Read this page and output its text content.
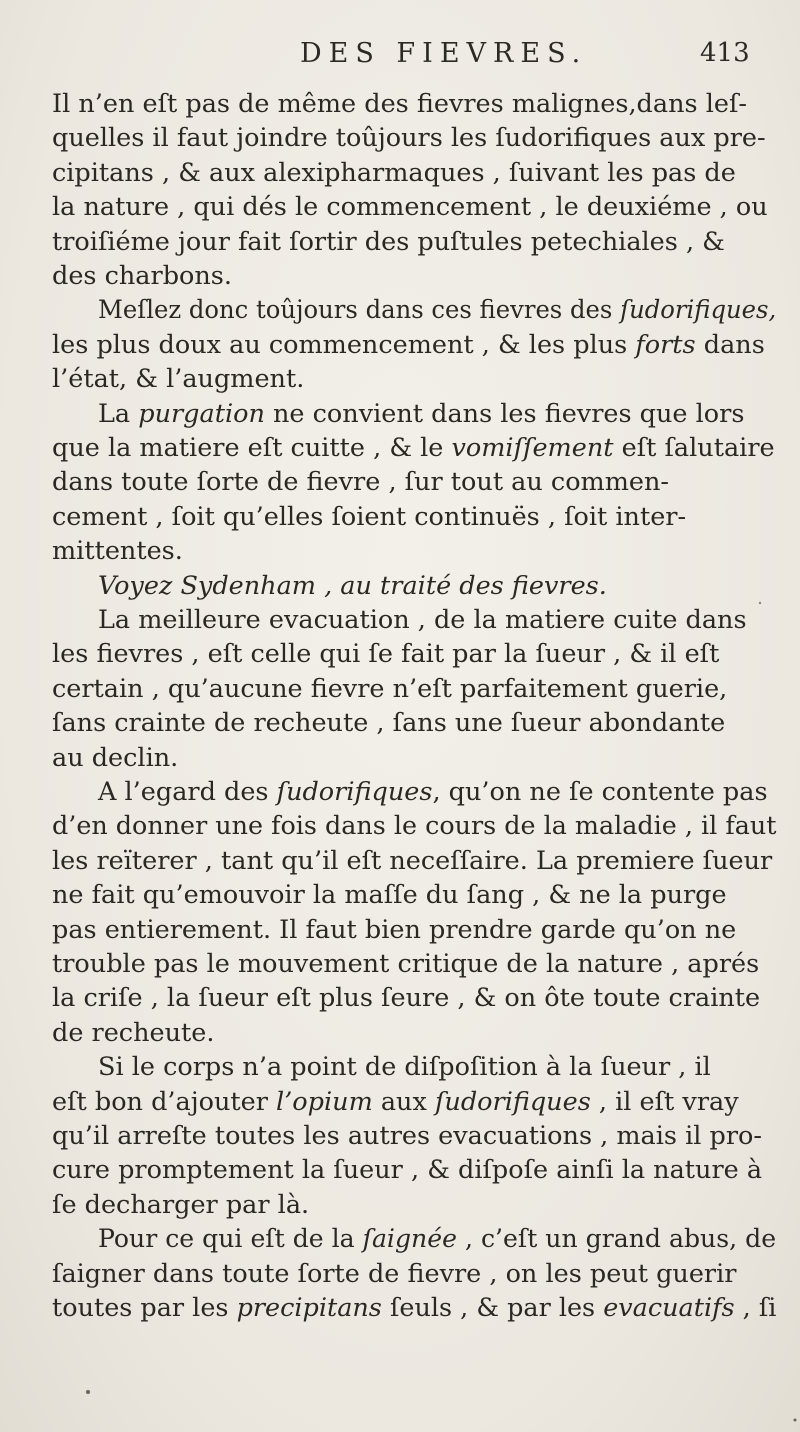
DES FIEVRES.	413
Il n’en eſt pas de même des fievres malignes,dans leſ-
quelles il faut joindre toûjours les ſudorifiques aux pre-
cipitans , & aux alexipharmaques , ſuivant les pas de
la nature , qui dés le commencement , le deuxiéme , ou
troiſiéme jour fait ſortir des puſtules petechiales , &
des charbons.
Meſlez donc toûjours dans ces fievres des ſudorifiques,
les plus doux au commencement , & les plus forts dans
l’état, & l’augment.
La purgation ne convient dans les fievres que lors
que la matiere eſt cuitte , & le vomiſſement eſt ſalutaire
dans toute ſorte de fievre , ſur tout au commen-
cement , ſoit qu’elles ſoient continuës , ſoit inter-
mittentes.
Voyez Sydenham , au traité des fievres.
La meilleure evacuation , de la matiere cuite dans
les fievres , eſt celle qui ſe fait par la ſueur , & il eſt
certain , qu’aucune fievre n’eſt parfaitement guerie,
ſans crainte de recheute , ſans une ſueur abondante
au declin.
A l’egard des ſudorifiques, qu’on ne ſe contente pas
d’en donner une fois dans le cours de la maladie , il faut
les reïterer , tant qu’il eſt neceſſaire. La premiere ſueur
ne fait qu’emouvoir la maſſe du ſang , & ne la purge
pas entierement. Il faut bien prendre garde qu’on ne
trouble pas le mouvement critique de la nature , aprés
la criſe , la ſueur eſt plus ſeure , & on ôte toute crainte
de recheute.
Si le corps n’a point de diſpoſition à la ſueur , il
eſt bon d’ajouter l’opium aux ſudorifiques , il eſt vray
qu’il arreſte toutes les autres evacuations , mais il pro-
cure promptement la ſueur , & diſpoſe ainſi la nature à
ſe decharger par là.
Pour ce qui eſt de la ſaignée , c’eſt un grand abus, de
ſaigner dans toute ſorte de fievre , on les peut guerir
toutes par les precipitans ſeuls , & par les evacuatifs , ſi
